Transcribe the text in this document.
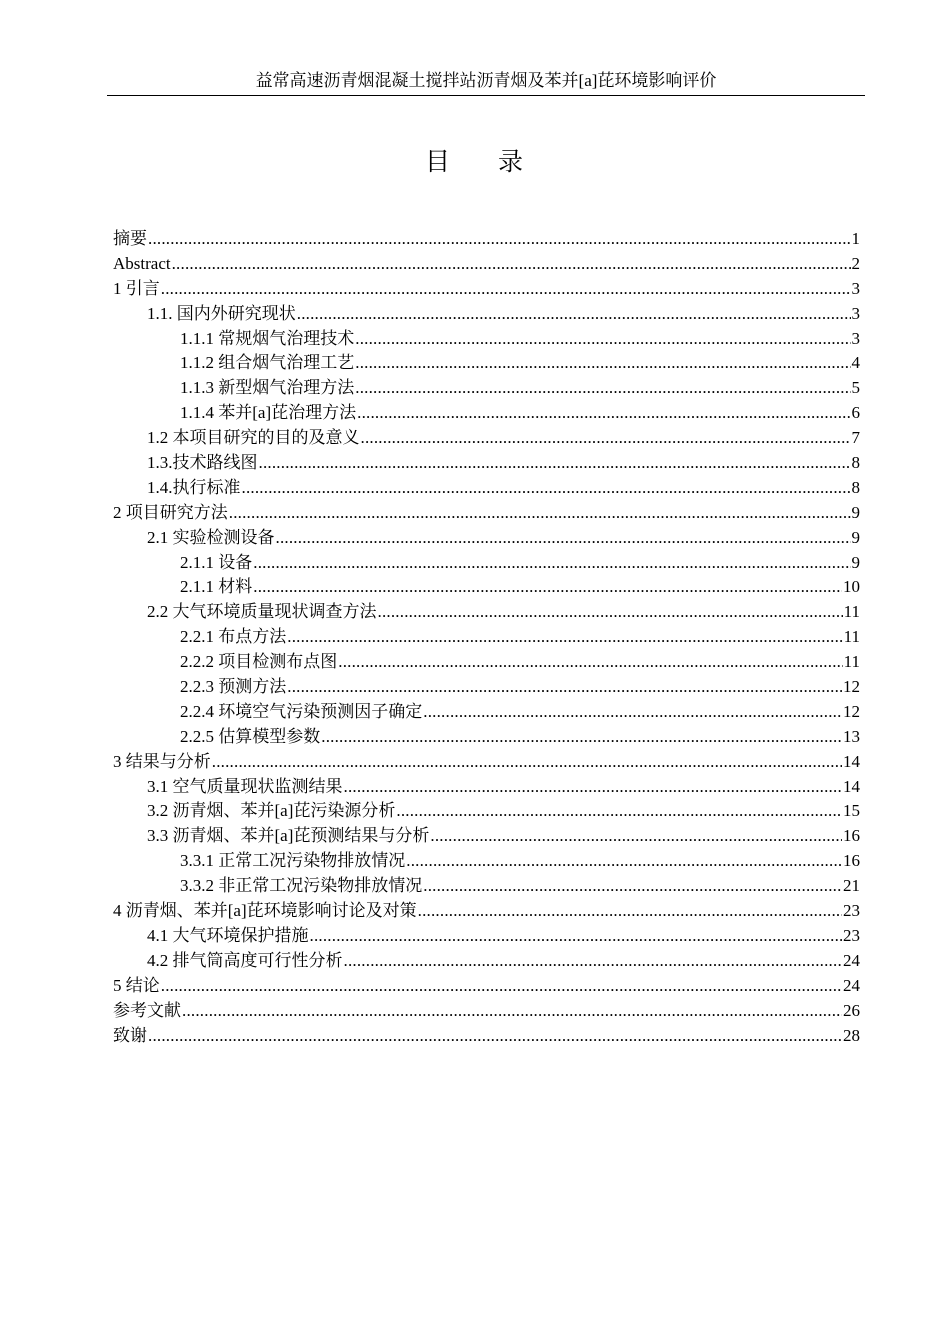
益常高速沥青烟混凝土搅拌站沥青烟及苯并[a]芘环境影响评价
目 录
摘要 .....	1
Abstract .....	2
1 引言 .....	3
1.1. 国内外研究现状 .....	3
1.1.1 常规烟气治理技术 .....	3
1.1.2 组合烟气治理工艺 .....	4
1.1.3 新型烟气治理方法 .....	5
1.1.4 苯并[a]芘治理方法 .....	6
1.2 本项目研究的目的及意义 .....	7
1.3.技术路线图 .....	8
1.4.执行标准 .....	8
2 项目研究方法 .....	9
2.1 实验检测设备 .....	9
2.1.1 设备 .....	9
2.1.1 材料 .....	10
2.2 大气环境质量现状调查方法 .....	11
2.2.1 布点方法 .....	11
2.2.2 项目检测布点图 .....	11
2.2.3 预测方法 .....	12
2.2.4 环境空气污染预测因子确定 .....	12
2.2.5 估算模型参数 .....	13
3 结果与分析 .....	14
3.1 空气质量现状监测结果 .....	14
3.2 沥青烟、苯并[a]芘污染源分析 .....	15
3.3 沥青烟、苯并[a]芘预测结果与分析 .....	16
3.3.1 正常工况污染物排放情况 .....	16
3.3.2 非正常工况污染物排放情况 .....	21
4 沥青烟、苯并[a]芘环境影响讨论及对策 .....	23
4.1 大气环境保护措施 .....	23
4.2 排气筒高度可行性分析 .....	24
5 结论 .....	24
参考文献 .....	26
致谢 .....	28
